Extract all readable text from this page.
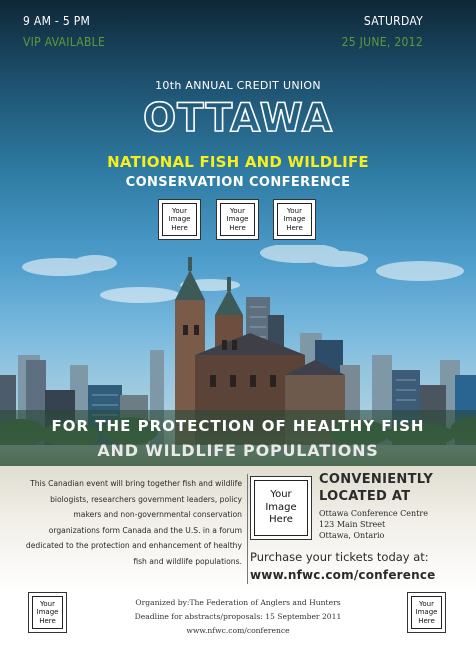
9 AM - 5 PM
VIP AVAILABLE
SATURDAY
25 JUNE, 2012
10th ANNUAL CREDIT UNION
OTTAWA
NATIONAL FISH AND WILDLIFE
CONSERVATION CONFERENCE
Your Image Here
Your Image Here
Your Image Here
FOR THE PROTECTION OF HEALTHY FISH
AND WILDLIFE POPULATIONS
This Canadian event will bring together fish and wildlife biologists, researchers government leaders, policy makers and non-governmental conservation organizations form Canada and the U.S. in a forum dedicated to the protection and enhancement of healthy fish and wildlife populations.
Your Image Here
CONVENIENTLY
LOCATED AT
Ottawa Conference Centre
123 Main Street
Ottawa, Ontario
Purchase your tickets today at:
www.nfwc.com/conference
Your Image Here
Your Image Here
Organized by:The Federation of Anglers and Hunters
Deadline for abstracts/proposals: 15 September 2011
www.nfwc.com/conference
